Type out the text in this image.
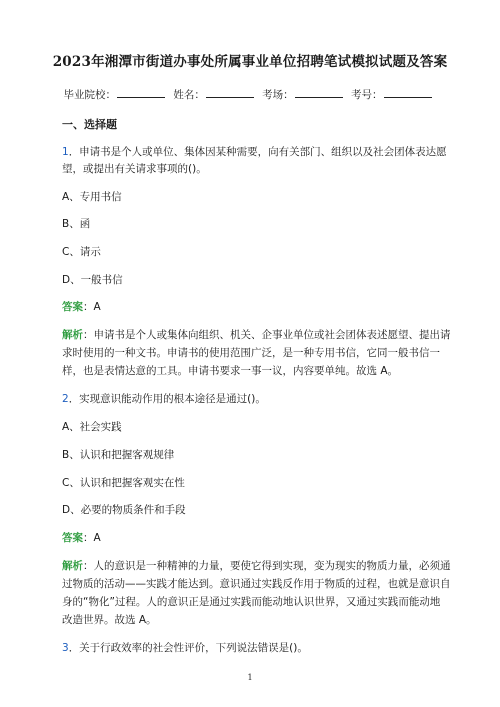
2023年湘潭市街道办事处所属事业单位招聘笔试模拟试题及答案
毕业院校：	姓名：	考场：	考号：
一、选择题
1．申请书是个人或单位、集体因某种需要，向有关部门、组织以及社会团体表达愿
望，或提出有关请求事项的()。
A、专用书信
B、函
C、请示
D、一般书信
答案：A
解析：申请书是个人或集体向组织、机关、企事业单位或社会团体表述愿望、提出请
求时使用的一种文书。申请书的使用范围广泛，是一种专用书信，它同一般书信一
样，也是表情达意的工具。申请书要求一事一议，内容要单纯。故选 A。
2．实现意识能动作用的根本途径是通过()。
A、社会实践
B、认识和把握客观规律
C、认识和把握客观实在性
D、必要的物质条件和手段
答案：A
解析：人的意识是一种精神的力量，要使它得到实现，变为现实的物质力量，必须通
过物质的活动——实践才能达到。意识通过实践反作用于物质的过程，也就是意识自
身的“物化”过程。人的意识正是通过实践而能动地认识世界，又通过实践而能动地
改造世界。故选 A。
3．关于行政效率的社会性评价，下列说法错误是()。
1
